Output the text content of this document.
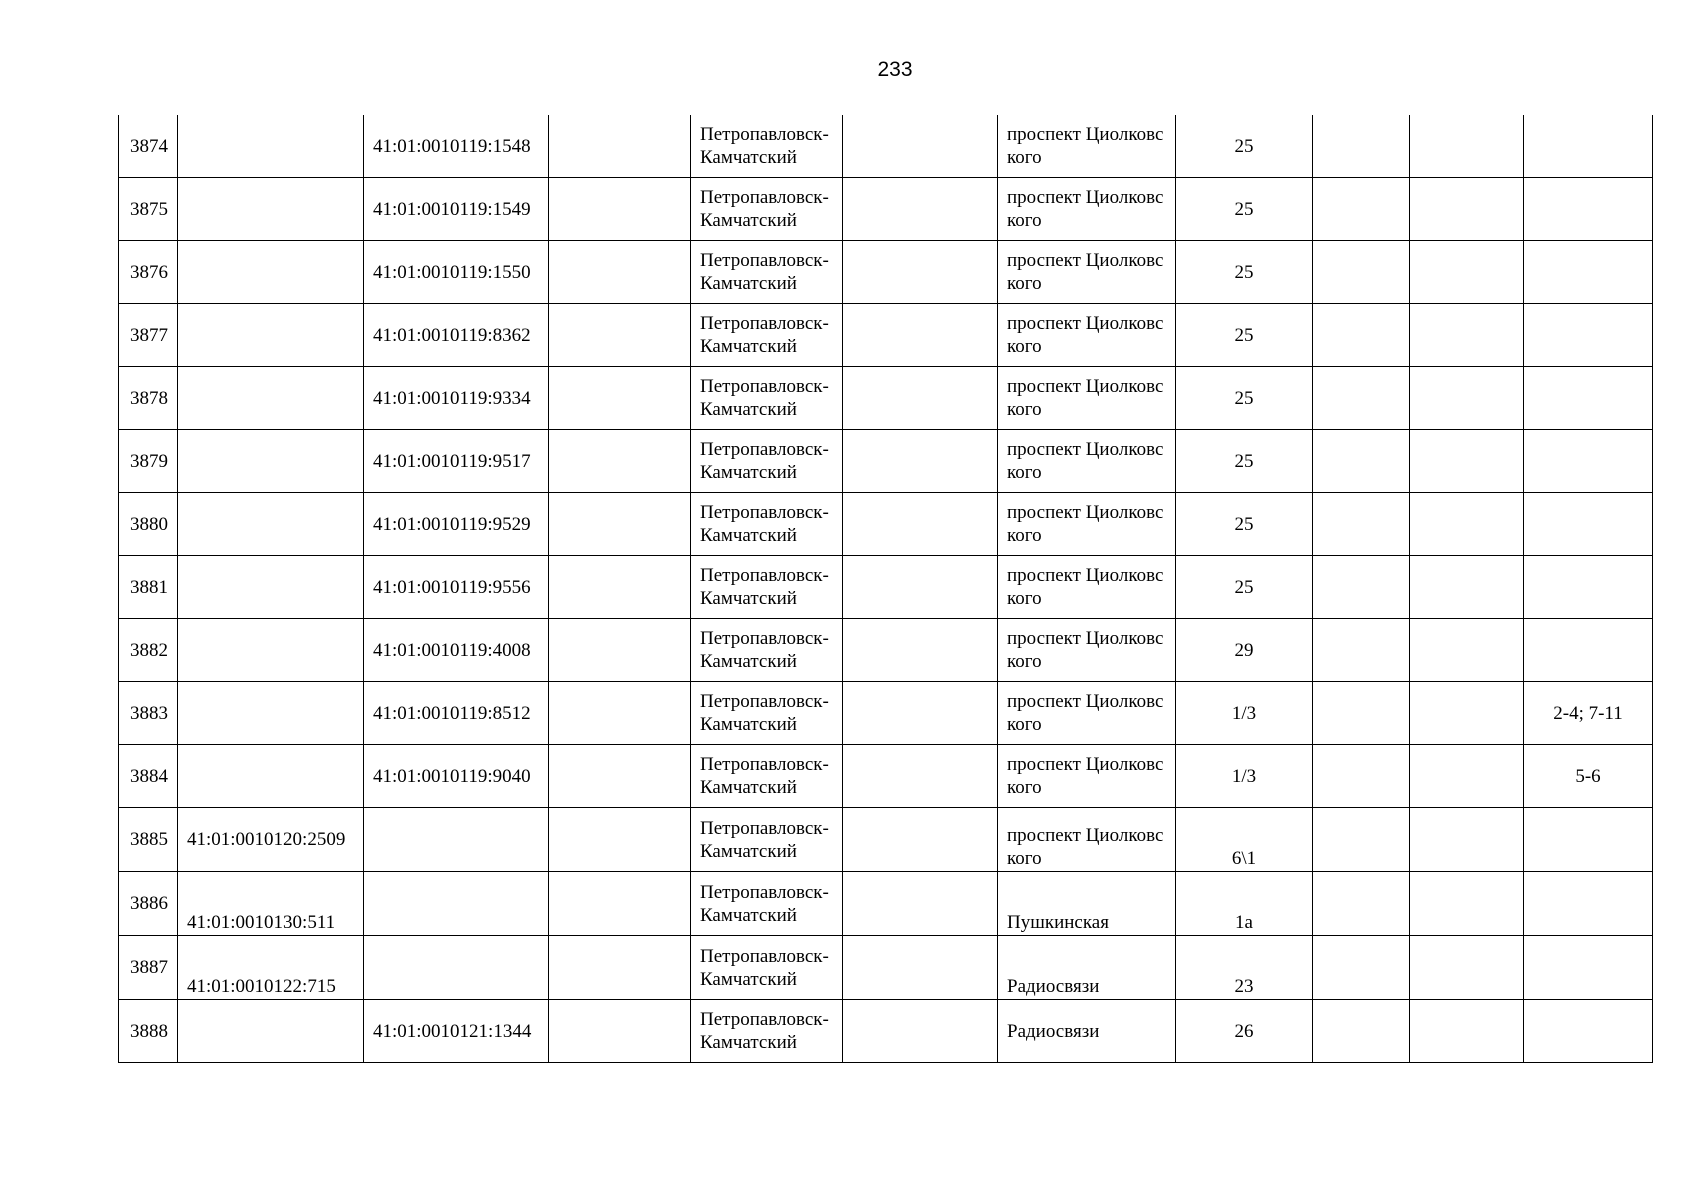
233
3874		41:01:0010119:1548		Петропавловск-Камчатский		проспект Циолковского	25			
3875		41:01:0010119:1549		Петропавловск-Камчатский		проспект Циолковского	25			
3876		41:01:0010119:1550		Петропавловск-Камчатский		проспект Циолковского	25			
3877		41:01:0010119:8362		Петропавловск-Камчатский		проспект Циолковского	25			
3878		41:01:0010119:9334		Петропавловск-Камчатский		проспект Циолковского	25			
3879		41:01:0010119:9517		Петропавловск-Камчатский		проспект Циолковского	25			
3880		41:01:0010119:9529		Петропавловск-Камчатский		проспект Циолковского	25			
3881		41:01:0010119:9556		Петропавловск-Камчатский		проспект Циолковского	25			
3882		41:01:0010119:4008		Петропавловск-Камчатский		проспект Циолковского	29			
3883		41:01:0010119:8512		Петропавловск-Камчатский		проспект Циолковского	1/3			2-4; 7-11
3884		41:01:0010119:9040		Петропавловск-Камчатский		проспект Циолковского	1/3			5-6
3885	41:01:0010120:2509			Петропавловск-Камчатский		проспект Циолковского	6\1			
3886	41:01:0010130:511			Петропавловск-Камчатский		Пушкинская	1а			
3887	41:01:0010122:715			Петропавловск-Камчатский		Радиосвязи	23			
3888		41:01:0010121:1344		Петропавловск-Камчатский		Радиосвязи	26			
